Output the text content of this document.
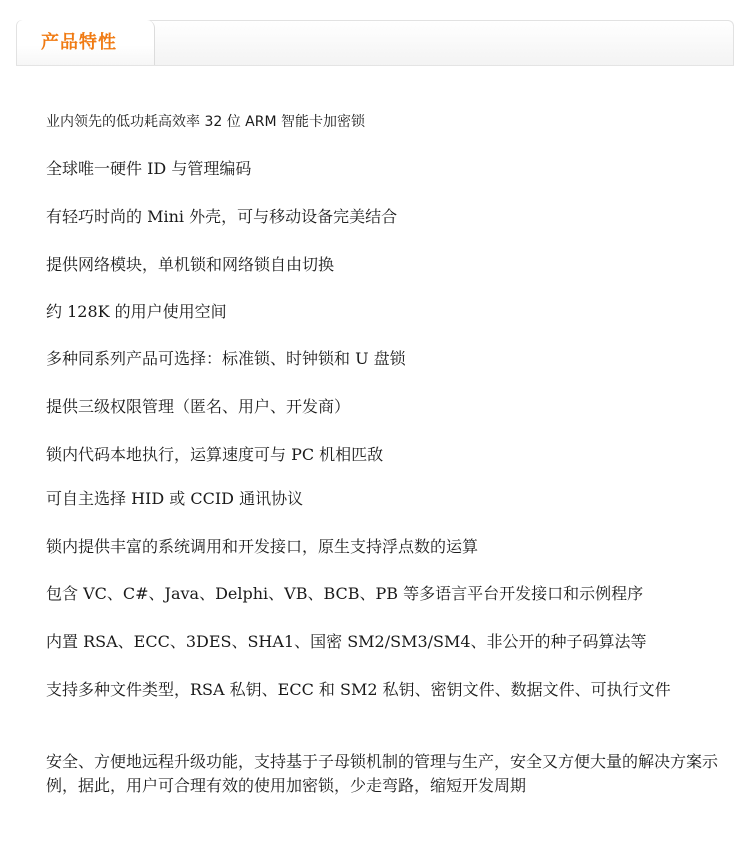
产品特性
业内领先的低功耗高效率 32 位 ARM 智能卡加密锁
全球唯一硬件 ID 与管理编码
有轻巧时尚的 Mini 外壳，可与移动设备完美结合
提供网络模块，单机锁和网络锁自由切换
约 128K 的用户使用空间
多种同系列产品可选择：标准锁、时钟锁和 U 盘锁
提供三级权限管理（匿名、用户、开发商）
锁内代码本地执行，运算速度可与 PC 机相匹敌
可自主选择 HID 或 CCID 通讯协议
锁内提供丰富的系统调用和开发接口，原生支持浮点数的运算
包含 VC、C#、Java、Delphi、VB、BCB、PB 等多语言平台开发接口和示例程序
内置 RSA、ECC、3DES、SHA1、国密 SM2/SM3/SM4、非公开的种子码算法等
支持多种文件类型，RSA 私钥、ECC 和 SM2 私钥、密钥文件、数据文件、可执行文件
安全、方便地远程升级功能，支持基于子母锁机制的管理与生产，安全又方便大量的解决方案示例，据此，用户可合理有效的使用加密锁，少走弯路，缩短开发周期
